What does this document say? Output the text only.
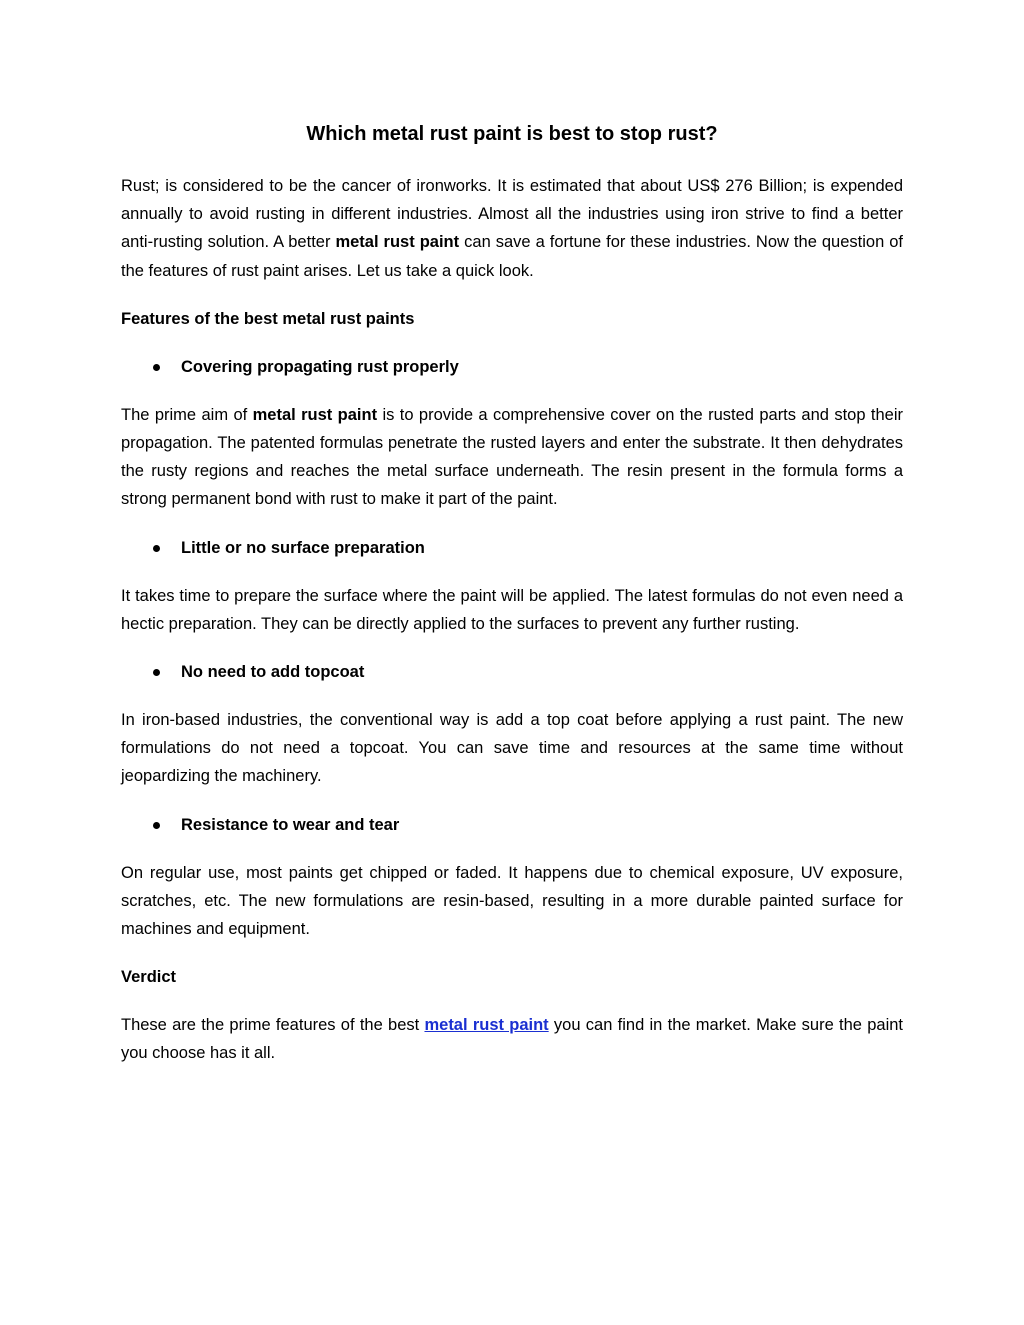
Which metal rust paint is best to stop rust?

Rust; is considered to be the cancer of ironworks. It is estimated that about US$ 276 Billion; is expended annually to avoid rusting in different industries. Almost all the industries using iron strive to find a better anti-rusting solution. A better metal rust paint can save a fortune for these industries. Now the question of the features of rust paint arises. Let us take a quick look.

Features of the best metal rust paints
Covering propagating rust properly

The prime aim of metal rust paint is to provide a comprehensive cover on the rusted parts and stop their propagation. The patented formulas penetrate the rusted layers and enter the substrate. It then dehydrates the rusty regions and reaches the metal surface underneath. The resin present in the formula forms a strong permanent bond with rust to make it part of the paint.

Little or no surface preparation

It takes time to prepare the surface where the paint will be applied. The latest formulas do not even need a hectic preparation. They can be directly applied to the surfaces to prevent any further rusting.

No need to add topcoat

In iron-based industries, the conventional way is add a top coat before applying a rust paint. The new formulations do not need a topcoat. You can save time and resources at the same time without jeopardizing the machinery.

Resistance to wear and tear

On regular use, most paints get chipped or faded. It happens due to chemical exposure, UV exposure, scratches, etc. The new formulations are resin-based, resulting in a more durable painted surface for machines and equipment.

Verdict

These are the prime features of the best metal rust paint you can find in the market. Make sure the paint you choose has it all.
